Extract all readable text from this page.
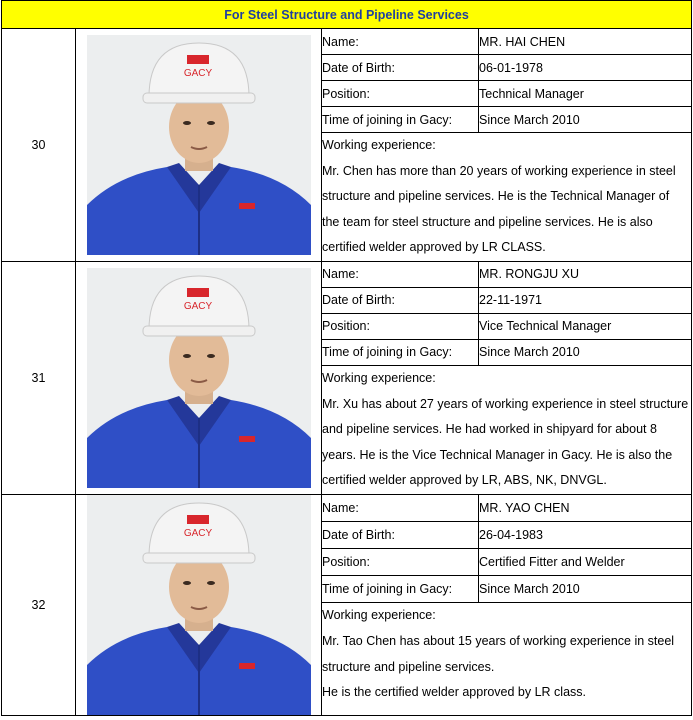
For Steel Structure and Pipeline Services			
30	GACY	Name:	MR. HAI CHEN
		Date of Birth:	06-01-1978
		Position:	Technical Manager
		Time of joining in Gacy:	Since March 2010

		Working experience:
Mr. Chen has more than 20 years of working experience in steel
structure and pipeline services. He is the Technical Manager of
the team for steel structure and pipeline services. He is also
certified welder approved by LR CLASS.	

31	GACY	Name:	MR. RONGJU XU
		Date of Birth:	22-11-1971
		Position:	Vice Technical Manager
		Time of joining in Gacy:	Since March 2010

		Working experience:
Mr. Xu has about 27 years of working experience in steel structure
and pipeline services. He had worked in shipyard for about 8
years. He is the Vice Technical Manager in Gacy. He is also the
certified welder approved by LR, ABS, NK, DNVGL.	

32	GACY	Name:	MR. YAO CHEN
		Date of Birth:	26-04-1983
		Position:	Certified Fitter and Welder
		Time of joining in Gacy:	Since March 2010

		Working experience:
Mr. Tao Chen has about 15 years of working experience in steel
structure and pipeline services.
He is the certified welder approved by LR class.	
